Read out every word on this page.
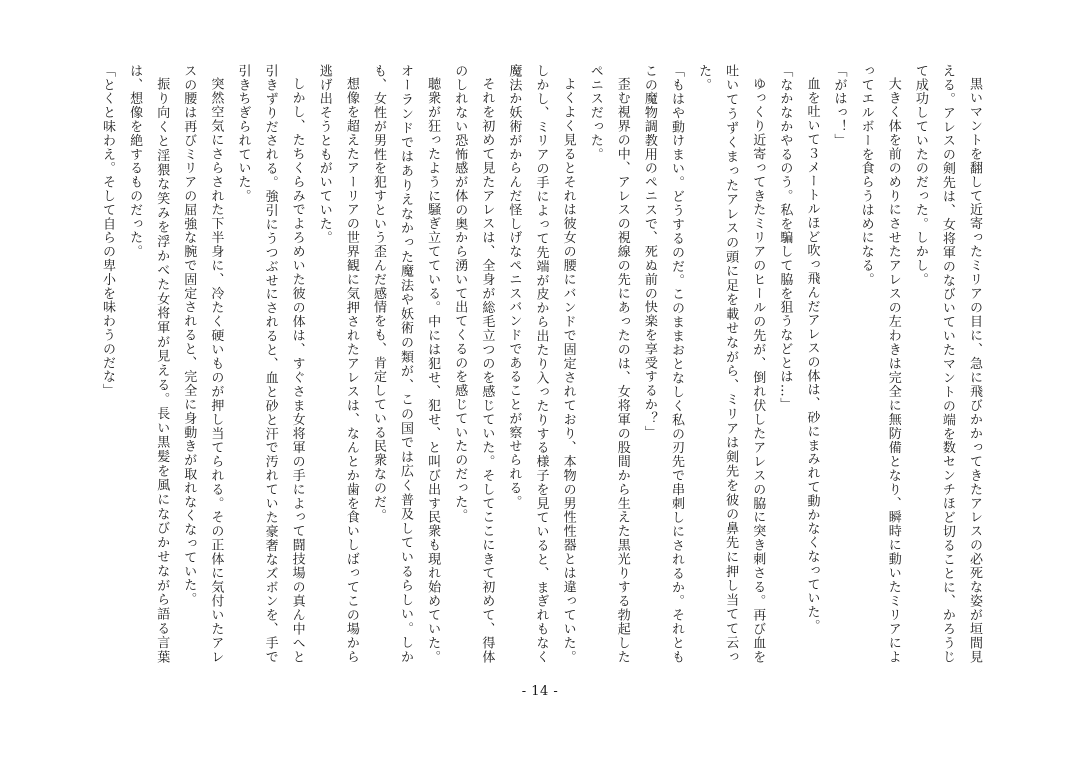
黒いマントを翻して近寄ったミリアの目に、急に飛びかかってきたアレスの必死な姿が垣間見える。アレスの剣先は、女将軍のなびいていたマントの端を数センチほど切ることに、かろうじて成功していたのだった。しかし。

大きく体を前のめりにさせたアレスの左わきは完全に無防備となり、瞬時に動いたミリアによってエルボーを食らうはめになる。

「がはっ！」

血を吐いて３メートルほど吹っ飛んだアレスの体は、砂にまみれて動かなくなっていた。

「なかなかやるのう。私を騙して脇を狙うなどとは…」

ゆっくり近寄ってきたミリアのヒールの先が、倒れ伏したアレスの脇に突き刺さる。再び血を吐いてうずくまったアレスの頭に足を載せながら、ミリアは剣先を彼の鼻先に押し当てて云った。

「もはや動けまい。どうするのだ。このままおとなしく私の刃先で串刺しにされるか。それともこの魔物調教用のペニスで、死ぬ前の快楽を享受するか？」

歪む視界の中、アレスの視線の先にあったのは、女将軍の股間から生えた黒光りする勃起したペニスだった。

よくよく見るとそれは彼女の腰にバンドで固定されており、本物の男性性器とは違っていた。しかし、ミリアの手によって先端が皮から出たり入ったりする様子を見ていると、まぎれもなく魔法か妖術がからんだ怪しげなペニスバンドであることが察せられる。

それを初めて見たアレスは、全身が総毛立つのを感じていた。そしてここにきて初めて、得体のしれない恐怖感が体の奥から湧いて出てくるのを感じていたのだった。

聴衆が狂ったように騒ぎ立てている。中には犯せ、犯せ、と叫び出す民衆も現れ始めていた。オーランドではありえなかった魔法や妖術の類が、この国では広く普及しているらしい。しかも、女性が男性を犯すという歪んだ感情をも、肯定している民衆なのだ。

想像を超えたアーリアの世界観に気押されたアレスは、なんとか歯を食いしばってこの場から逃げ出そうともがいていた。

しかし、たちくらみでよろめいた彼の体は、すぐさま女将軍の手によって闘技場の真ん中へと引きずりだされる。強引にうつぶせにされると、血と砂と汗で汚れていた豪奢なズボンを、手で引きちぎられていた。

突然空気にさらされた下半身に、冷たく硬いものが押し当てられる。その正体に気付いたアレスの腰は再びミリアの屈強な腕で固定されると、完全に身動きが取れなくなっていた。

振り向くと淫猥な笑みを浮かべた女将軍が見える。長い黒髪を風になびかせながら語る言葉は、想像を絶するものだった。

「とくと味わえ。そして自らの卑小を味わうのだな」

- 14 -
